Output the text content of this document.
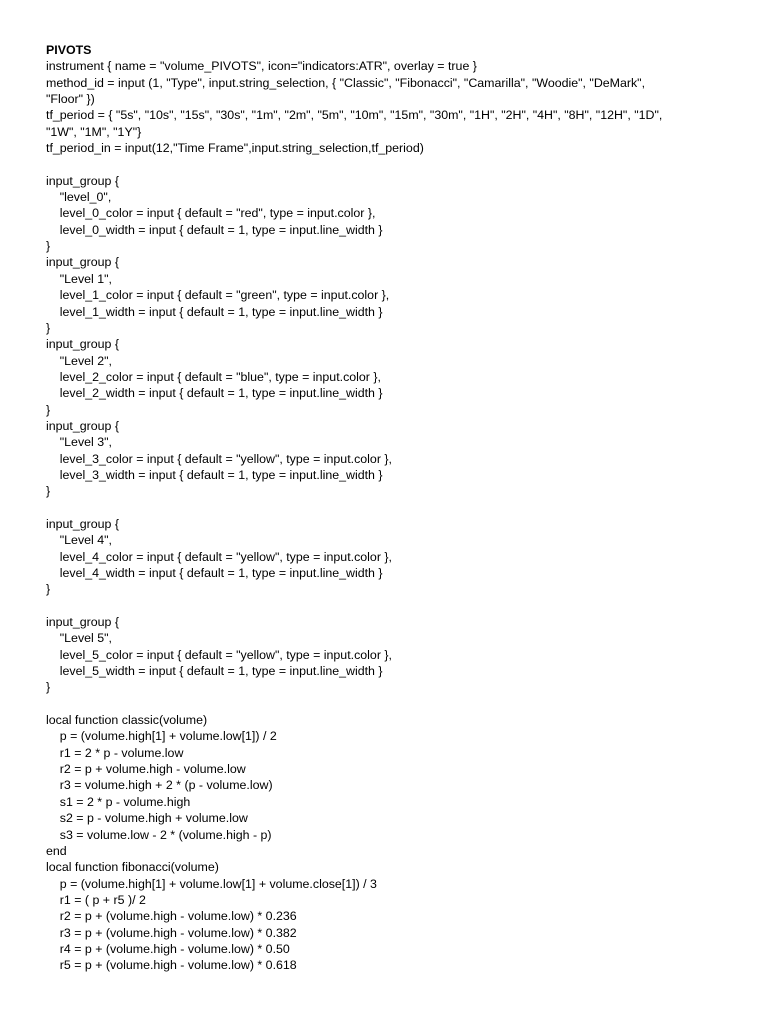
PIVOTS
instrument { name = "volume_PIVOTS", icon="indicators:ATR", overlay = true }
method_id = input (1, "Type", input.string_selection, { "Classic", "Fibonacci", "Camarilla", "Woodie", "DeMark",
"Floor" })
tf_period = { "5s", "10s", "15s", "30s", "1m", "2m", "5m", "10m", "15m", "30m", "1H", "2H", "4H", "8H", "12H", "1D",
"1W", "1M", "1Y"}
tf_period_in = input(12,"Time Frame",input.string_selection,tf_period)
input_group {
"level_0",
level_0_color = input { default = "red", type = input.color },
level_0_width = input { default = 1, type = input.line_width }
}
input_group {
"Level 1",
level_1_color = input { default = "green", type = input.color },
level_1_width = input { default = 1, type = input.line_width }
}
input_group {
"Level 2",
level_2_color = input { default = "blue", type = input.color },
level_2_width = input { default = 1, type = input.line_width }
}
input_group {
"Level 3",
level_3_color = input { default = "yellow", type = input.color },
level_3_width = input { default = 1, type = input.line_width }
}
input_group {
"Level 4",
level_4_color = input { default = "yellow", type = input.color },
level_4_width = input { default = 1, type = input.line_width }
}
input_group {
"Level 5",
level_5_color = input { default = "yellow", type = input.color },
level_5_width = input { default = 1, type = input.line_width }
}
local function classic(volume)
p = (volume.high[1] + volume.low[1]) / 2
r1 = 2 * p - volume.low
r2 = p + volume.high - volume.low
r3 = volume.high + 2 * (p - volume.low)
s1 = 2 * p - volume.high
s2 = p - volume.high + volume.low
s3 = volume.low - 2 * (volume.high - p)
end
local function fibonacci(volume)
p = (volume.high[1] + volume.low[1] + volume.close[1]) / 3
r1 = ( p + r5 )/ 2
r2 = p + (volume.high - volume.low) * 0.236
r3 = p + (volume.high - volume.low) * 0.382
r4 = p + (volume.high - volume.low) * 0.50
r5 = p + (volume.high - volume.low) * 0.618
